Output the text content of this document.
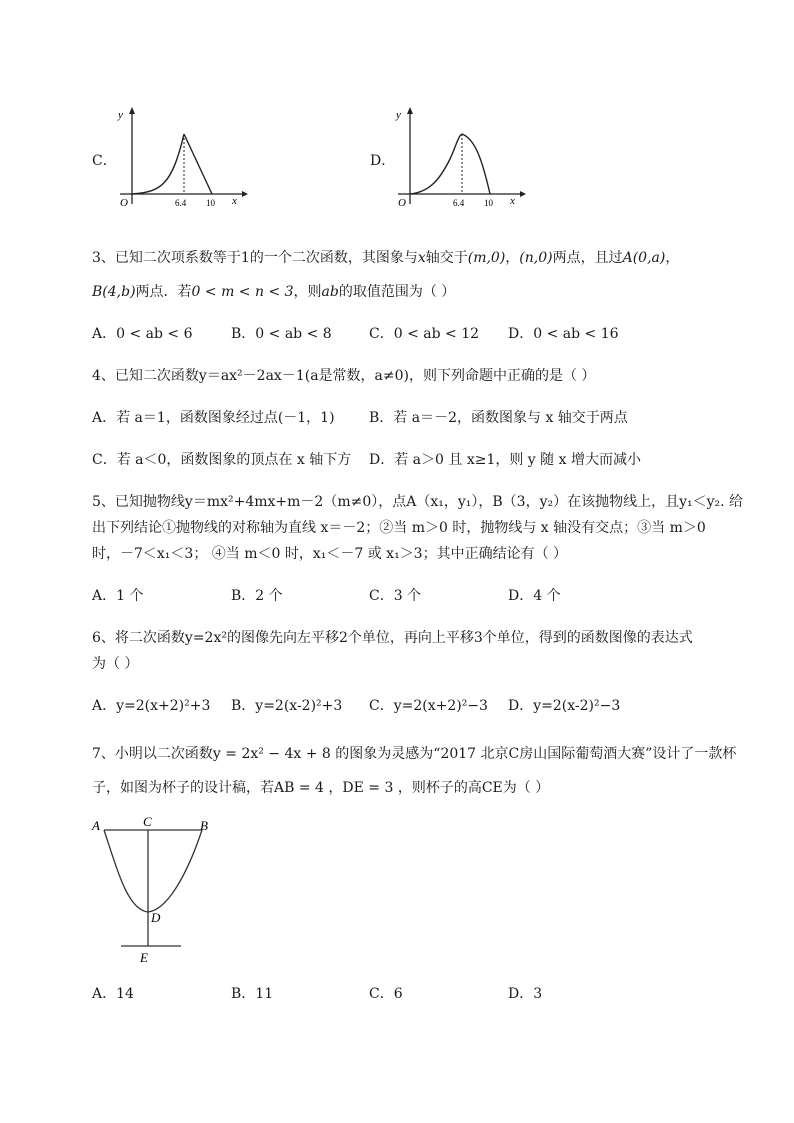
C．
y
O	6.4 10 x
D．
y
O	6.4 10 x
3、已知二次项系数等于1的一个二次函数，其图象与x轴交于(m,0)，(n,0)两点，且过A(0,a)，
B(4,b)两点．若0 < m < n < 3，则ab的取值范围为（ ）
A．0 < ab < 6	B．0 < ab < 8	C．0 < ab < 12 D．0 < ab < 16
4、已知二次函数y＝ax²－2ax－1(a是常数，a≠0)，则下列命题中正确的是（ ）
A．若 a＝1，函数图象经过点(－1，1) B．若 a＝－2，函数图象与 x 轴交于两点
C．若 a＜0，函数图象的顶点在 x 轴下方 D．若 a＞0 且 x≥1，则 y 随 x 增大而减小
5、已知抛物线y＝mx²+4mx+m－2（m≠0），点A（x₁，y₁），B（3，y₂）在该抛物线上，且y₁＜y₂. 给
出下列结论①抛物线的对称轴为直线 x＝－2；②当 m＞0 时，抛物线与 x 轴没有交点；③当 m＞0
时，－7＜x₁＜3； ④当 m＜0 时，x₁＜－7 或 x₁＞3；其中正确结论有（ ）
A．1 个	B．2 个	C．3 个	D．4 个
6、将二次函数y=2x²的图像先向左平移2个单位，再向上平移3个单位，得到的函数图像的表达式
为（ ）
A．y=2(x+2)²+3 B．y=2(x-2)²+3 C．y=2(x+2)²−3 D．y=2(x-2)²−3
7、小明以二次函数y = 2x² − 4x + 8 的图象为灵感为“2017 北京C房山国际葡萄酒大赛”设计了一款杯
子，如图为杯子的设计稿，若AB = 4 ，DE = 3 ，则杯子的高CE为（ ）
A	C	B
D
E
A．14	B．11	C．6	D．3
